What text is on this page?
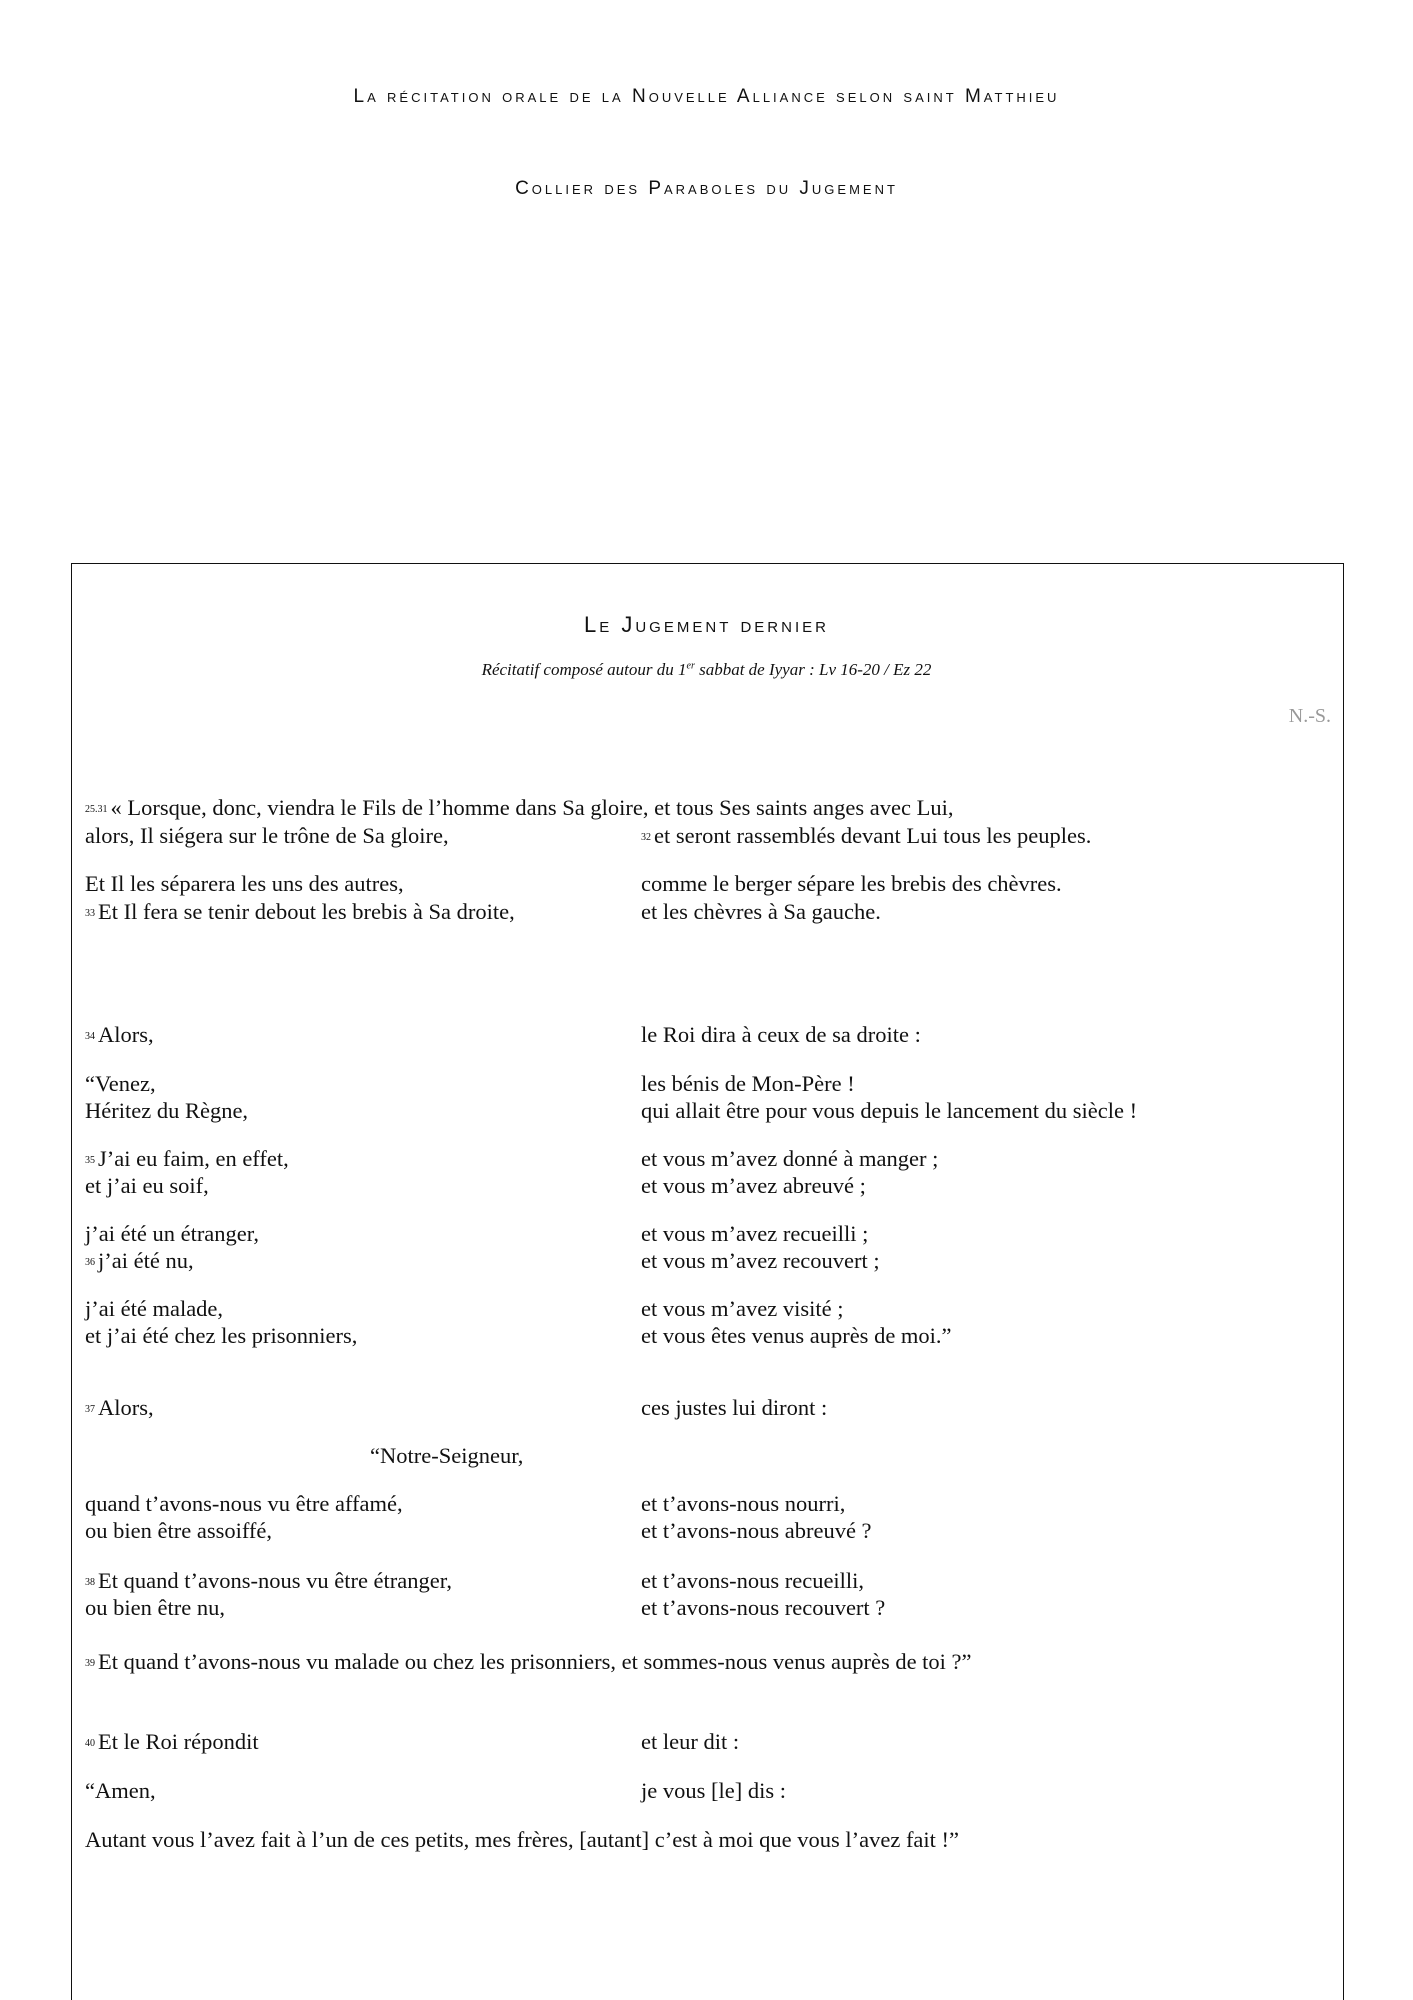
La récitation orale de la Nouvelle Alliance selon saint Matthieu
Collier des Paraboles du Jugement
Le Jugement dernier
Récitatif composé autour du 1er sabbat de Iyyar : Lv 16-20 / Ez 22
N.-S.
25.31 « Lorsque, donc, viendra le Fils de l’homme dans Sa gloire, et tous Ses saints anges avec Lui,
alors, Il siégera sur le trône de Sa gloire,	32 et seront rassemblés devant Lui tous les peuples.
Et Il les séparera les uns des autres,	comme le berger sépare les brebis des chèvres.
33 Et Il fera se tenir debout les brebis à Sa droite,	et les chèvres à Sa gauche.
34 Alors,	le Roi dira à ceux de sa droite :
“Venez,	les bénis de Mon-Père !
Héritez du Règne,	qui allait être pour vous depuis le lancement du siècle !
35 J’ai eu faim, en effet,	et vous m’avez donné à manger ;
et j’ai eu soif,	et vous m’avez abreuvé ;
j’ai été un étranger,	et vous m’avez recueilli ;
36 j’ai été nu,	et vous m’avez recouvert ;
j’ai été malade,	et vous m’avez visité ;
et j’ai été chez les prisonniers,	et vous êtes venus auprès de moi.”
37 Alors,	ces justes lui diront :
“Notre-Seigneur,
quand t’avons-nous vu être affamé,	et t’avons-nous nourri,
ou bien être assoiffé,	et t’avons-nous abreuvé ?
38 Et quand t’avons-nous vu être étranger,	et t’avons-nous recueilli,
ou bien être nu,	et t’avons-nous recouvert ?
39 Et quand t’avons-nous vu malade ou chez les prisonniers, et sommes-nous venus auprès de toi ?”
40 Et le Roi répondit	et leur dit :
“Amen,	je vous [le] dis :
Autant vous l’avez fait à l’un de ces petits, mes frères, [autant] c’est à moi que vous l’avez fait !”
